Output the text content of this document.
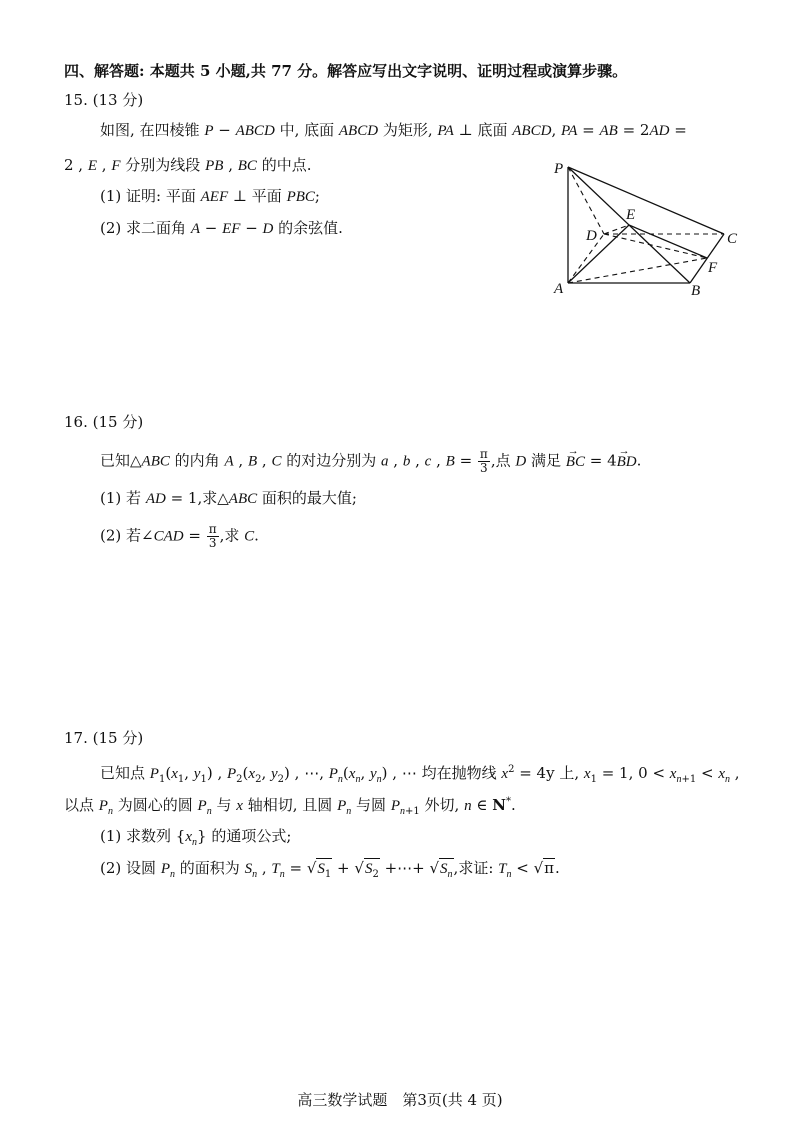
四、解答题: 本题共 5 小题,共 77 分。解答应写出文字说明、证明过程或演算步骤。
15. (13 分)
如图, 在四棱锥 P − ABCD 中, 底面 ABCD 为矩形, PA ⊥ 底面 ABCD, PA = AB = 2AD =
2 , E , F 分别为线段 PB , BC 的中点.
(1) 证明: 平面 AEF ⊥ 平面 PBC;
(2) 求二面角 A − EF − D 的余弦值.
P
E
D	C
F
A	B
16. (15 分)
已知△ABC 的内角 A , B , C 的对边分别为 a , b , c , $B = \frac{\pi}{3}$ ,点 D 满足 → BC = 4→ BD.
(1) 若 AD = 1,求△ABC 面积的最大值;
(2) 若∠CAD = $\frac{\pi}{3}$ ,求 C.
17. (15 分)
已知点 $P_1(x_1$, $y_1$) , $P_2(x_2$, $y_2$) , ⋯, $P_n(x_n$, $y_n$) , ⋯ 均在抛物线 $x^2 = 4y$ 上, $x_1 = 1$, $0 < x_{n+1} < x_n$ ,
以点 $P_n$ 为圆心的圆 $P_n$ 与 x 轴相切, 且圆 $P_n$ 与圆 $P_{n+1}$ 外切, n ∈ N*.
(1) 求数列 $\{x_n\}$ 的通项公式;
(2) 设圆 $P_n$ 的面积为 $S_n$ , $T_n = √S_1 + √S_2$ +⋯+ $√S_n$,求证: $T_n < √\pi$.
高三数学试题　第3页(共 4 页)
